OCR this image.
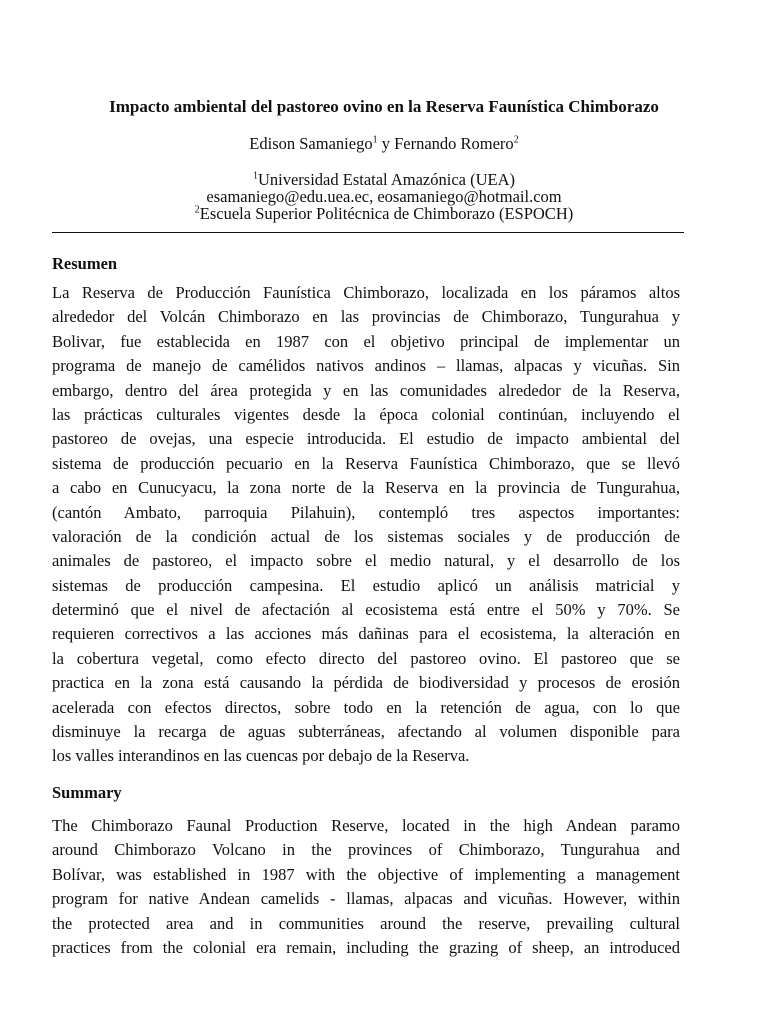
Impacto ambiental del pastoreo ovino en la Reserva Faunística Chimborazo
Edison Samaniego$^1$ y Fernando Romero$^2$
$^1$Universidad Estatal Amazónica (UEA)
esamaniego@edu.uea.ec, eosamaniego@hotmail.com
$^2$Escuela Superior Politécnica de Chimborazo (ESPOCH)
Resumen
La Reserva de Producción Faunística Chimborazo, localizada en los páramos altos
alrededor del Volcán Chimborazo en las provincias de Chimborazo, Tungurahua y
Bolivar, fue establecida en 1987 con el objetivo principal de implementar un
programa de manejo de camélidos nativos andinos – llamas, alpacas y vicuñas. Sin
embargo, dentro del área protegida y en las comunidades alrededor de la Reserva,
las prácticas culturales vigentes desde la época colonial continúan, incluyendo el
pastoreo de ovejas, una especie introducida. El estudio de impacto ambiental del
sistema de producción pecuario en la Reserva Faunística Chimborazo, que se llevó
a cabo en Cunucyacu, la zona norte de la Reserva en la provincia de Tungurahua,
(cantón Ambato, parroquia Pilahuin), contempló tres aspectos importantes:
valoración de la condición actual de los sistemas sociales y de producción de
animales de pastoreo, el impacto sobre el medio natural, y el desarrollo de los
sistemas de producción campesina. El estudio aplicó un análisis matricial y
determinó que el nivel de afectación al ecosistema está entre el 50% y 70%. Se
requieren correctivos a las acciones más dañinas para el ecosistema, la alteración en
la cobertura vegetal, como efecto directo del pastoreo ovino. El pastoreo que se
practica en la zona está causando la pérdida de biodiversidad y procesos de erosión
acelerada con efectos directos, sobre todo en la retención de agua, con lo que
disminuye la recarga de aguas subterráneas, afectando al volumen disponible para
los valles interandinos en las cuencas por debajo de la Reserva.
Summary
The Chimborazo Faunal Production Reserve, located in the high Andean paramo
around Chimborazo Volcano in the provinces of Chimborazo, Tungurahua and
Bolívar, was established in 1987 with the objective of implementing a management
program for native Andean camelids - llamas, alpacas and vicuñas. However, within
the protected area and in communities around the reserve, prevailing cultural
practices from the colonial era remain, including the grazing of sheep, an introduced
